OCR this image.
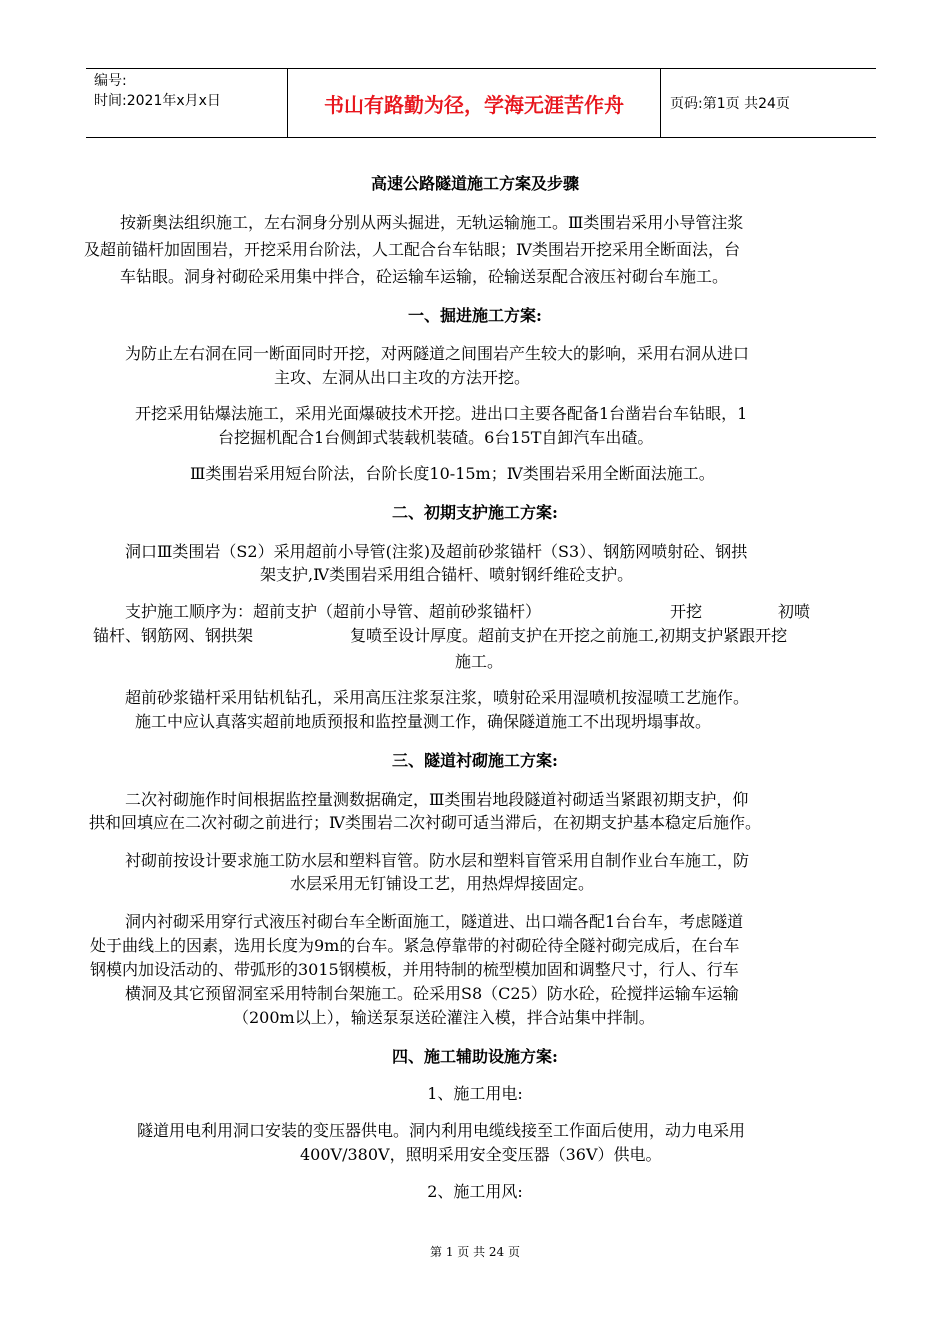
编号:
时间:2021年x月x日	书山有路勤为径，学海无涯苦作舟	页码:第1页 共24页
高速公路隧道施工方案及步骤
按新奥法组织施工，左右洞身分别从两头掘进，无轨运输施工。Ⅲ类围岩采用小导管注浆
及超前锚杆加固围岩，开挖采用台阶法，人工配合台车钻眼；Ⅳ类围岩开挖采用全断面法，台
车钻眼。洞身衬砌砼采用集中拌合，砼运输车运输，砼输送泵配合液压衬砌台车施工。
一、掘进施工方案:
为防止左右洞在同一断面同时开挖，对两隧道之间围岩产生较大的影响，采用右洞从进口
主攻、左洞从出口主攻的方法开挖。
开挖采用钻爆法施工，采用光面爆破技术开挖。进出口主要各配备1台凿岩台车钻眼，1
台挖掘机配合1台侧卸式装载机装碴。6台15T自卸汽车出碴。
Ⅲ类围岩采用短台阶法，台阶长度10-15m；Ⅳ类围岩采用全断面法施工。
二、初期支护施工方案:
洞口Ⅲ类围岩（S2）采用超前小导管(注浆)及超前砂浆锚杆（S3）、钢筋网喷射砼、钢拱
架支护,Ⅳ类围岩采用组合锚杆、喷射钢纤维砼支护。
支护施工顺序为：超前支护（超前小导管、超前砂浆锚杆）	开挖	初喷
锚杆、钢筋网、钢拱架	复喷至设计厚度。超前支护在开挖之前施工,初期支护紧跟开挖
施工。
超前砂浆锚杆采用钻机钻孔，采用高压注浆泵注浆，喷射砼采用湿喷机按湿喷工艺施作。
施工中应认真落实超前地质预报和监控量测工作，确保隧道施工不出现坍塌事故。
三、隧道衬砌施工方案:
二次衬砌施作时间根据监控量测数据确定，Ⅲ类围岩地段隧道衬砌适当紧跟初期支护，仰
拱和回填应在二次衬砌之前进行；Ⅳ类围岩二次衬砌可适当滞后，在初期支护基本稳定后施作。
衬砌前按设计要求施工防水层和塑料盲管。防水层和塑料盲管采用自制作业台车施工，防
水层采用无钉铺设工艺，用热焊焊接固定。
洞内衬砌采用穿行式液压衬砌台车全断面施工，隧道进、出口端各配1台台车，考虑隧道
处于曲线上的因素，选用长度为9m的台车。紧急停靠带的衬砌砼待全隧衬砌完成后，在台车
钢模内加设活动的、带弧形的3015钢模板，并用特制的梳型模加固和调整尺寸，行人、行车
横洞及其它预留洞室采用特制台架施工。砼采用S8（C25）防水砼，砼搅拌运输车运输
（200m以上），输送泵泵送砼灌注入模，拌合站集中拌制。
四、施工辅助设施方案:
1、施工用电:
隧道用电利用洞口安装的变压器供电。洞内利用电缆线接至工作面后使用，动力电采用
400V/380V，照明采用安全变压器（36V）供电。
2、施工用风:
第 1 页 共 24 页
